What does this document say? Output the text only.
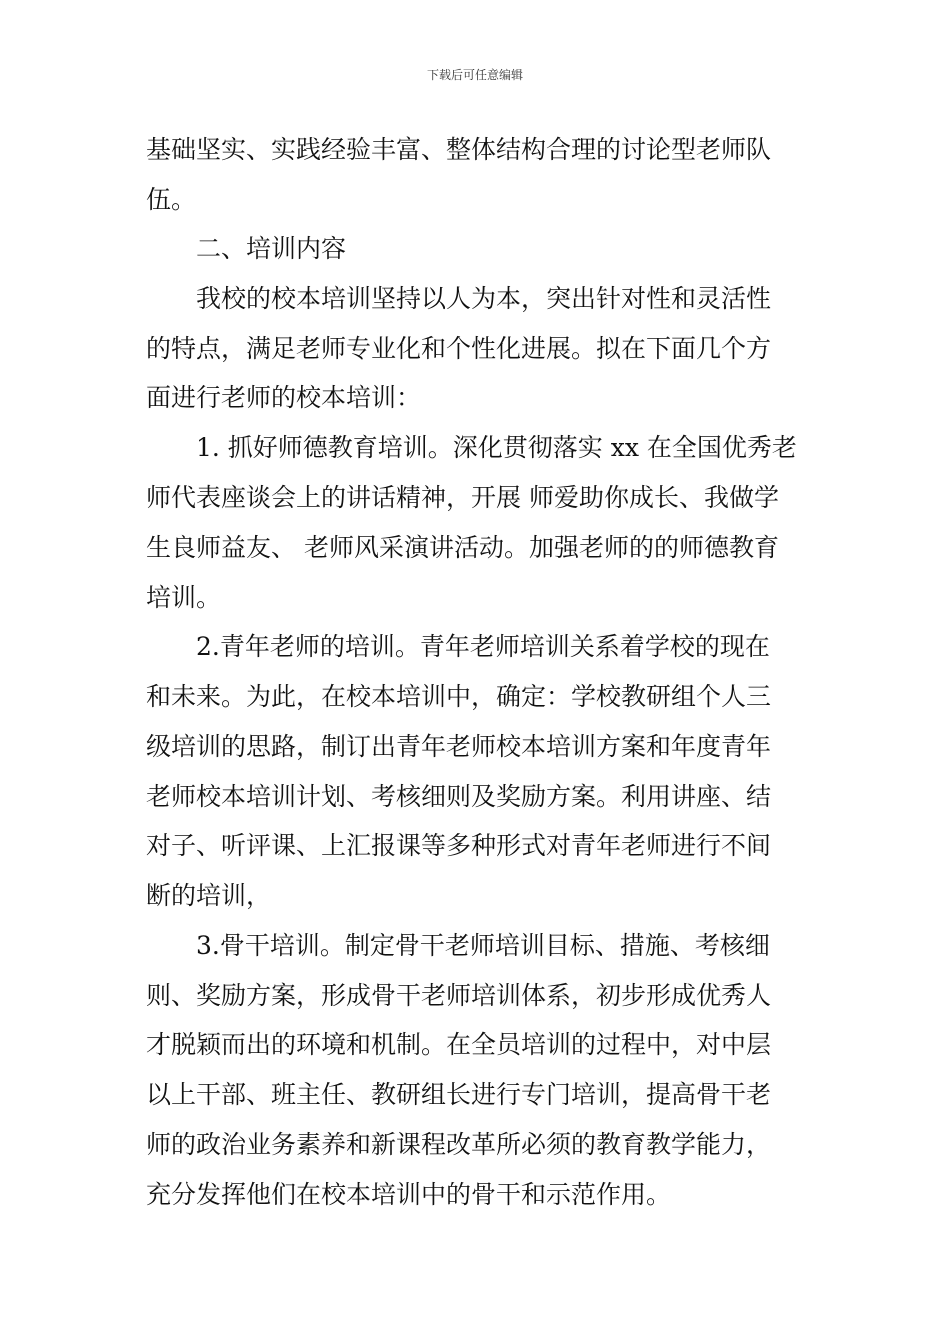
下载后可任意编辑
基础坚实、实践经验丰富、整体结构合理的讨论型老师队
伍。
二、培训内容
我校的校本培训坚持以人为本，突出针对性和灵活性
的特点，满足老师专业化和个性化进展。拟在下面几个方
面进行老师的校本培训：
1. 抓好师德教育培训。深化贯彻落实 xx 在全国优秀老
师代表座谈会上的讲话精神，开展 师爱助你成长、我做学
生良师益友、 老师风采演讲活动。加强老师的的师德教育
培训。
2.青年老师的培训。青年老师培训关系着学校的现在
和未来。为此，在校本培训中，确定：学校教研组个人三
级培训的思路，制订出青年老师校本培训方案和年度青年
老师校本培训计划、考核细则及奖励方案。利用讲座、结
对子、听评课、上汇报课等多种形式对青年老师进行不间
断的培训，
3.骨干培训。制定骨干老师培训目标、措施、考核细
则、奖励方案，形成骨干老师培训体系，初步形成优秀人
才脱颖而出的环境和机制。在全员培训的过程中，对中层
以上干部、班主任、教研组长进行专门培训，提高骨干老
师的政治业务素养和新课程改革所必须的教育教学能力，
充分发挥他们在校本培训中的骨干和示范作用。
